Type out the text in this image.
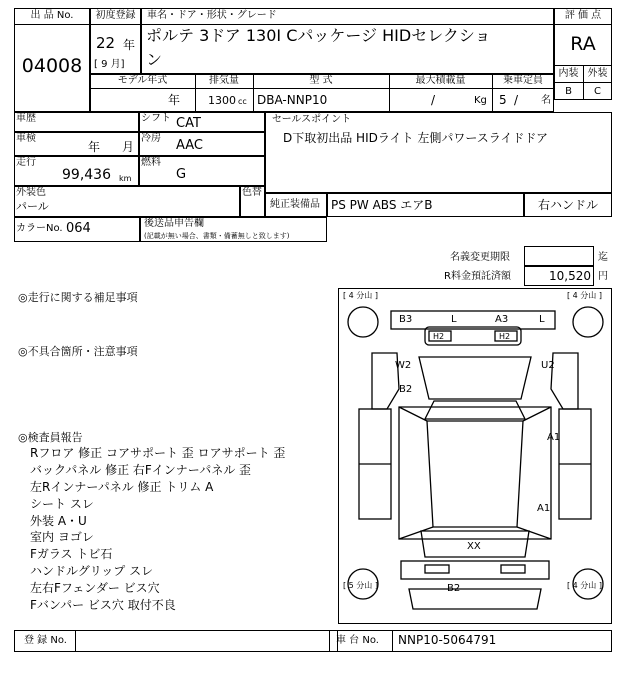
出 品 No.
04008
初度登録
22 年
[ 9 月]
車名・ドア・形状・グレード
ポルテ 3ドア 130I Cパッケージ HIDセレクショ
ン
評 価 点
RA
内装 外装
B	C
モデル年式
年
排気量
1300 cc
型 式
DBA-NNP10
最大積載量
/	Kg
乗車定員
5 / 名
車歴
車検
年 月
走行
99,436 km
シフト CAT
冷房 AAC
燃料
G
セールスポイント
D下取初出品 HIDライト 左側パワースライドドア
外装色
パール
色替
純正装備品 PS PW ABS エアB	右ハンドル
カラーNo. 064	後送品申告欄
(記載が無い場合、書類・備蓄無しと致します)
名義変更期限	迄
R料金預託済額	10,520 円
◎走行に関する補足事項
◎不具合箇所・注意事項
◎検査員報告
Rフロア 修正 コアサポート 歪 ロアサポート 歪
バックパネル 修正 右Fインナーパネル 歪
左Rインナーパネル 修正 トリム A
シート スレ
外装 A・U
室内 ヨゴレ
Fガラス トビ石
ハンドルグリップ スレ
左右Fフェンダー ビス穴
Fバンパー ビス穴 取付不良
[ 4 分山 ]	[ 4 分山 ]
[ 5 分山 ]	[ 4 分山 ]
B3	L	A3	L
H2	H2
W2	U2
B2
A1
A1
XX
B2
登 録 No.	車 台 No. NNP10-5064791
